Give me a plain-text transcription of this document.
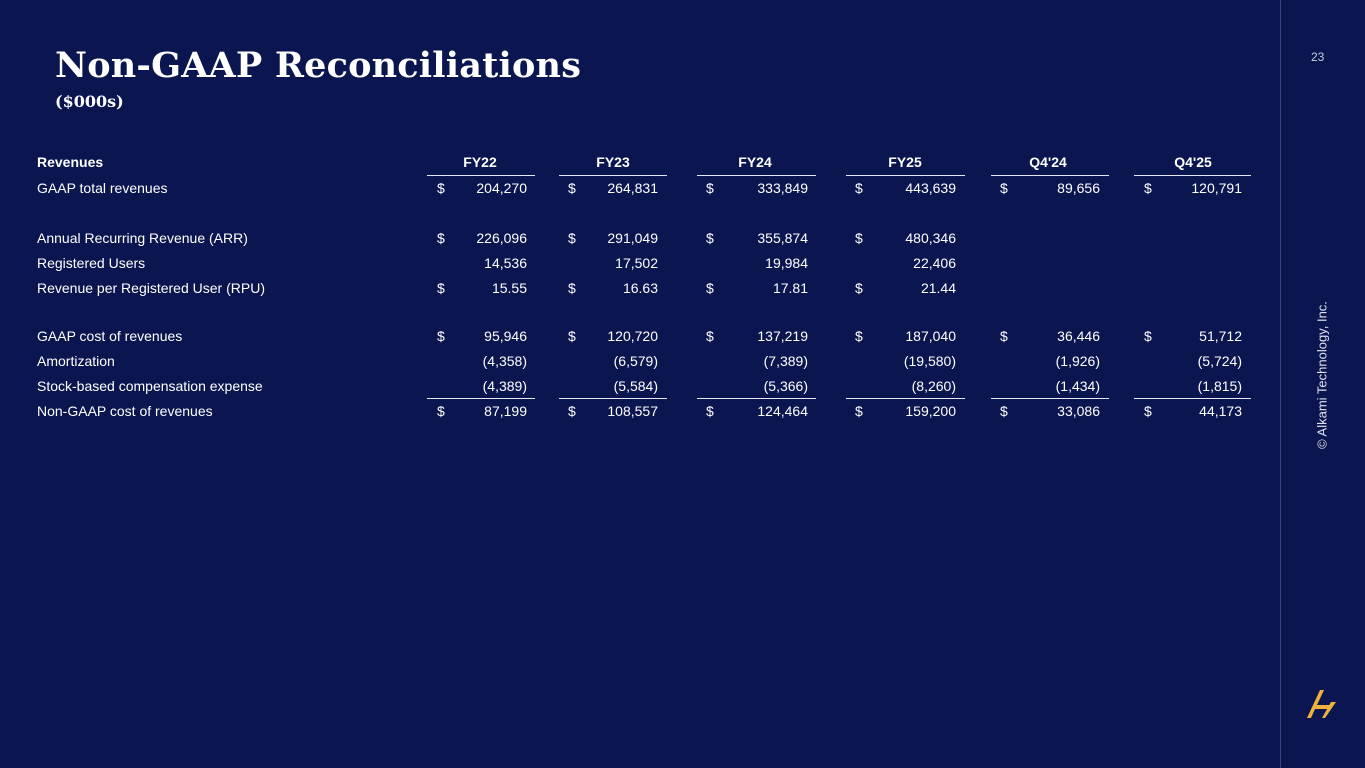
Non-GAAP Reconciliations

($000s)

23
© Alkami Technology, Inc.
Revenues	FY22	FY23	FY24	FY25	Q4'24	Q4'25
GAAP total revenues	$	204,270	$	264,831	$	333,849	$	443,639	$	89,656	$	120,791
Annual Recurring Revenue (ARR)	$	226,096	$	291,049	$	355,874	$	480,346
Registered Users	14,536	17,502	19,984	22,406
Revenue per Registered User (RPU)	$	15.55	$	16.63	$	17.81	$	21.44
GAAP cost of revenues	$	95,946	$	120,720	$	137,219	$	187,040	$	36,446	$	51,712
Amortization	(4,358)	(6,579)	(7,389)	(19,580)	(1,926)	(5,724)
Stock-based compensation expense	(4,389)	(5,584)	(5,366)	(8,260)	(1,434)	(1,815)
Non-GAAP cost of revenues	$	87,199	$	108,557	$	124,464	$	159,200	$	33,086	$	44,173
